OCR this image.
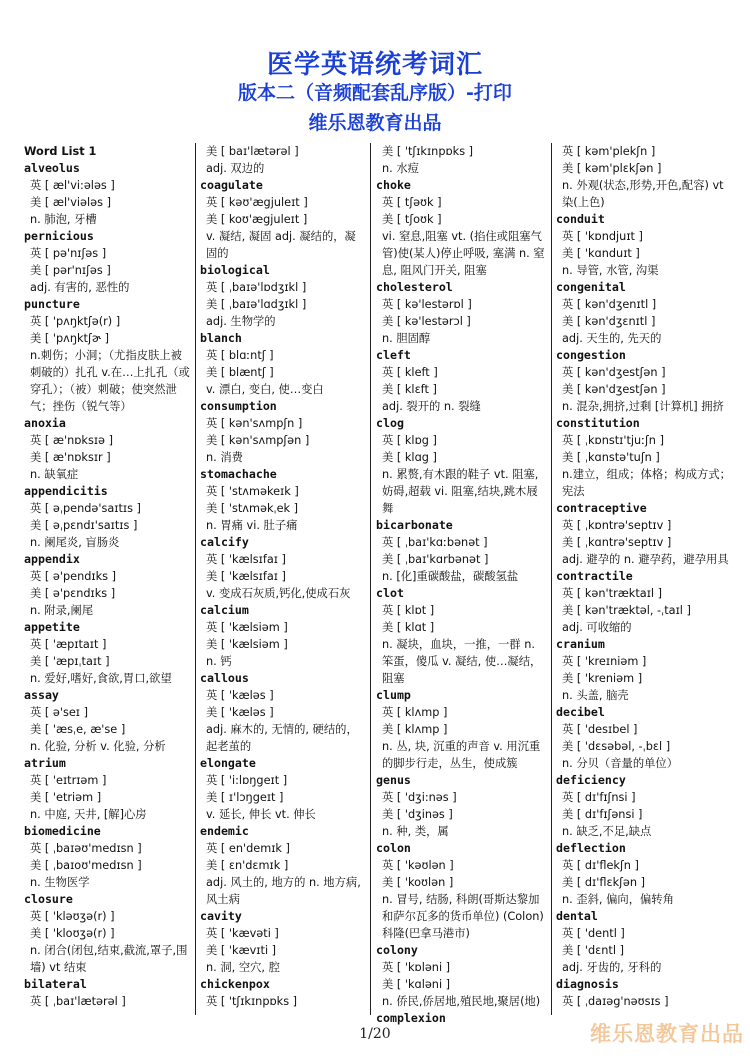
医学英语统考词汇
版本二（音频配套乱序版）-打印
维乐恩教育出品
Word List 1
alveolus
英 [ æl'vi:ələs ]
美 [ æl'viələs ]
n. 肺泡, 牙槽
pernicious
英 [ pə'nɪʃəs ]
美 [ pər'nɪʃəs ]
adj. 有害的, 恶性的
puncture
英 [ 'pʌŋktʃə(r) ]
美 [ 'pʌŋktʃɚ ]
n.刺伤；小洞；（尤指皮肤上被刺破的）扎孔 v.在…上扎孔（或穿孔）；（被）刺破；使突然泄气；挫伤（锐气等）
anoxia
英 [ æ'nɒksɪə ]
美 [ æ'nɒksɪr ]
n. 缺氧症
appendicitis
英 [ əˌpendə'saɪtɪs ]
美 [ əˌpɛndɪ'saɪtɪs ]
n. 阑尾炎, 盲肠炎
appendix
英 [ ə'pendɪks ]
美 [ ə'pɛndɪks ]
n. 附录,阑尾
appetite
英 [ 'æpɪtaɪt ]
美 [ 'æpɪˌtaɪt ]
n. 爱好,嗜好,食欲,胃口,欲望
assay
英 [ ə'seɪ ]
美 [ 'æsˌe, æ'se ]
n. 化验, 分析 v. 化验, 分析
atrium
英 [ 'eɪtrɪəm ]
美 [ 'etriəm ]
n. 中庭, 天井, [解]心房
biomedicine
英 [ ˌbaɪəʊ'medɪsn ]
美 [ ˌbaɪoʊ'medɪsn ]
n. 生物医学
closure
英 [ 'kləʊʒə(r) ]
美 [ 'kloʊʒə(r) ]
n. 闭合(闭包,结束,截流,罩子,围墙) vt 结束
bilateral
英 [ ˌbaɪ'lætərəl ]
美 [ baɪ'lætərəl ]
adj. 双边的
coagulate
英 [ kəʊ'ægjuleɪt ]
美 [ koʊ'ægjuleɪt ]
v. 凝结, 凝固 adj. 凝结的，凝固的
biological
英 [ ˌbaɪə'lɒdʒɪkl ]
美 [ ˌbaɪə'lɑdʒɪkl ]
adj. 生物学的
blanch
英 [ blɑːntʃ ]
美 [ blæntʃ ]
v. 漂白, 变白, 使…变白
consumption
英 [ kən'sʌmpʃn ]
美 [ kən'sʌmpʃən ]
n. 消费
stomachache
英 [ 'stʌməkeɪk ]
美 [ 'stʌməkˌek ]
n. 胃痛 vi. 肚子痛
calcify
英 [ 'kælsɪfaɪ ]
美 [ 'kælsɪfaɪ ]
v. 变成石灰质,钙化,使成石灰
calcium
英 [ 'kælsiəm ]
美 [ 'kælsiəm ]
n. 钙
callous
英 [ 'kæləs ]
美 [ 'kæləs ]
adj. 麻木的, 无情的, 硬结的，起老茧的
elongate
英 [ 'i:lɒŋgeɪt ]
美 [ ɪ'lɔŋgeɪt ]
v. 延长, 伸长 vt. 伸长
endemic
英 [ en'demɪk ]
美 [ ɛn'dɛmɪk ]
adj. 风土的, 地方的 n. 地方病, 风土病
cavity
英 [ 'kævəti ]
美 [ 'kævɪti ]
n. 洞, 空穴, 腔
chickenpox
英 [ 'tʃɪkɪnpɒks ]
美 [ 'tʃɪkɪnpɒks ]
n. 水痘
choke
英 [ tʃəʊk ]
美 [ tʃoʊk ]
vi. 窒息,阻塞 vt. (掐住或阻塞气管)使(某人)停止呼吸, 塞满 n. 窒息, 阻风门开关, 阻塞
cholesterol
英 [ kə'lestərɒl ]
美 [ kə'lestərɔl ]
n. 胆固醇
cleft
英 [ kleft ]
美 [ klɛft ]
adj. 裂开的 n. 裂缝
clog
英 [ klɒg ]
美 [ klɑg ]
n. 累赘,有木跟的鞋子 vt. 阻塞,妨碍,超载 vi. 阻塞,结块,跳木屐舞
bicarbonate
英 [ ˌbaɪ'kɑːbənət ]
美 [ ˌbaɪ'kɑrbənət ]
n. [化]重碳酸盐，碳酸氢盐
clot
英 [ klɒt ]
美 [ klɑt ]
n. 凝块，血块，一推，一群 n. 笨蛋，傻瓜 v. 凝结, 使…凝结，阻塞
clump
英 [ klʌmp ]
美 [ klʌmp ]
n. 丛, 块, 沉重的声音 v. 用沉重的脚步行走，丛生，使成簇
genus
英 [ 'dʒi:nəs ]
美 [ 'dʒinəs ]
n. 种, 类，属
colon
英 [ 'kəʊlən ]
美 [ 'koʊlən ]
n. 冒号, 结肠, 科朗(哥斯达黎加和萨尔瓦多的货币单位) (Colon)科隆(巴拿马港市)
colony
英 [ 'kɒləni ]
美 [ 'kɑləni ]
n. 侨民,侨居地,殖民地,聚居(地)
complexion
英 [ kəm'plekʃn ]
美 [ kəm'plɛkʃən ]
n. 外观(状态,形势,开色,配容) vt 染(上色)
conduit
英 [ 'kɒndjuɪt ]
美 [ 'kɑnduɪt ]
n. 导管, 水管, 沟渠
congenital
英 [ kən'dʒenɪtl ]
美 [ kən'dʒɛnɪtl ]
adj. 天生的, 先天的
congestion
英 [ kən'dʒestʃən ]
美 [ kən'dʒestʃən ]
n. 混杂,拥挤,过剩 [计算机] 拥挤
constitution
英 [ ˌkɒnstɪ'tjuːʃn ]
美 [ ˌkɑnstə'tuʃn ]
n.建立，组成；体格；构成方式；宪法
contraceptive
英 [ ˌkɒntrə'septɪv ]
美 [ ˌkɑntrə'septɪv ]
adj. 避孕的 n. 避孕药，避孕用具
contractile
英 [ kən'træktaɪl ]
美 [ kən'træktəl, -ˌtaɪl ]
adj. 可收缩的
cranium
英 [ 'kreɪniəm ]
美 [ 'kreniəm ]
n. 头盖, 脑壳
decibel
英 [ 'desɪbel ]
美 [ 'dɛsəbəl, -ˌbɛl ]
n. 分贝（音量的单位）
deficiency
英 [ dɪ'fɪʃnsi ]
美 [ dɪ'fɪʃənsi ]
n. 缺乏,不足,缺点
deflection
英 [ dɪ'flekʃn ]
美 [ dɪ'flɛkʃən ]
n. 歪斜, 偏向，偏转角
dental
英 [ 'dentl ]
美 [ 'dɛntl ]
adj. 牙齿的, 牙科的
diagnosis
英 [ ˌdaɪəg'nəʊsɪs ]
1/20	维乐恩教育出品
